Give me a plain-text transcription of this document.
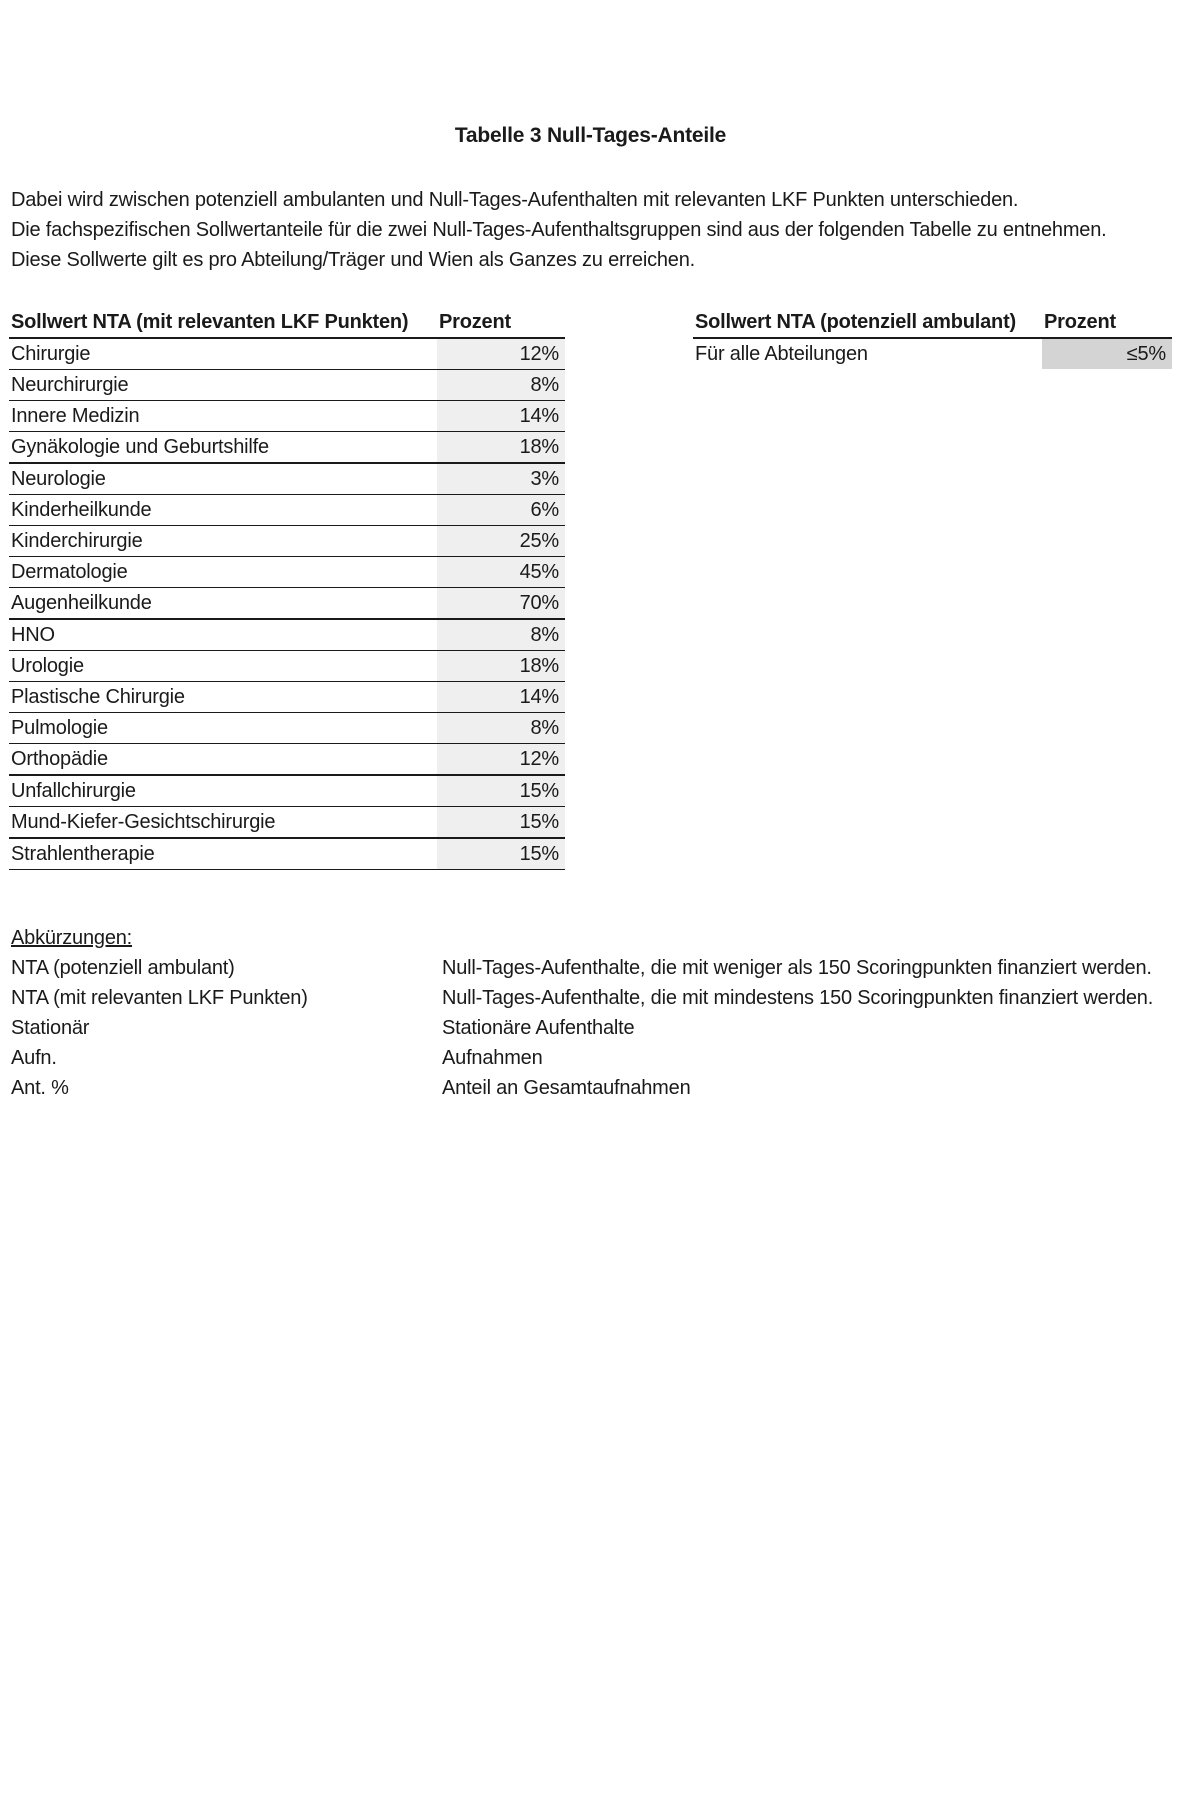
Tabelle 3 Null-Tages-Anteile

Dabei wird zwischen potenziell ambulanten und Null-Tages-Aufenthalten mit relevanten LKF Punkten unterschieden.

Die fachspezifischen Sollwertanteile für die zwei Null-Tages-Aufenthaltsgruppen sind aus der folgenden Tabelle zu entnehmen.

Diese Sollwerte gilt es pro Abteilung/Träger und Wien als Ganzes zu erreichen.

Sollwert NTA (mit relevanten LKF Punkten)	Prozent
Chirurgie	12%
Neurchirurgie	8%
Innere Medizin	14%
Gynäkologie und Geburtshilfe	18%
Neurologie	3%
Kinderheilkunde	6%
Kinderchirurgie	25%
Dermatologie	45%
Augenheilkunde	70%
HNO	8%
Urologie	18%
Plastische Chirurgie	14%
Pulmologie	8%
Orthopädie	12%
Unfallchirurgie	15%
Mund-Kiefer-Gesichtschirurgie	15%
Strahlentherapie	15%
Sollwert NTA (potenziell ambulant)	Prozent
Für alle Abteilungen	≤5%
Abkürzungen:
NTA (potenziell ambulant)	Null-Tages-Aufenthalte, die mit weniger als 150 Scoringpunkten finanziert werden.
NTA (mit relevanten LKF Punkten)	Null-Tages-Aufenthalte, die mit mindestens 150 Scoringpunkten finanziert werden.
Stationär	Stationäre Aufenthalte
Aufn.	Aufnahmen
Ant. %	Anteil an Gesamtaufnahmen
